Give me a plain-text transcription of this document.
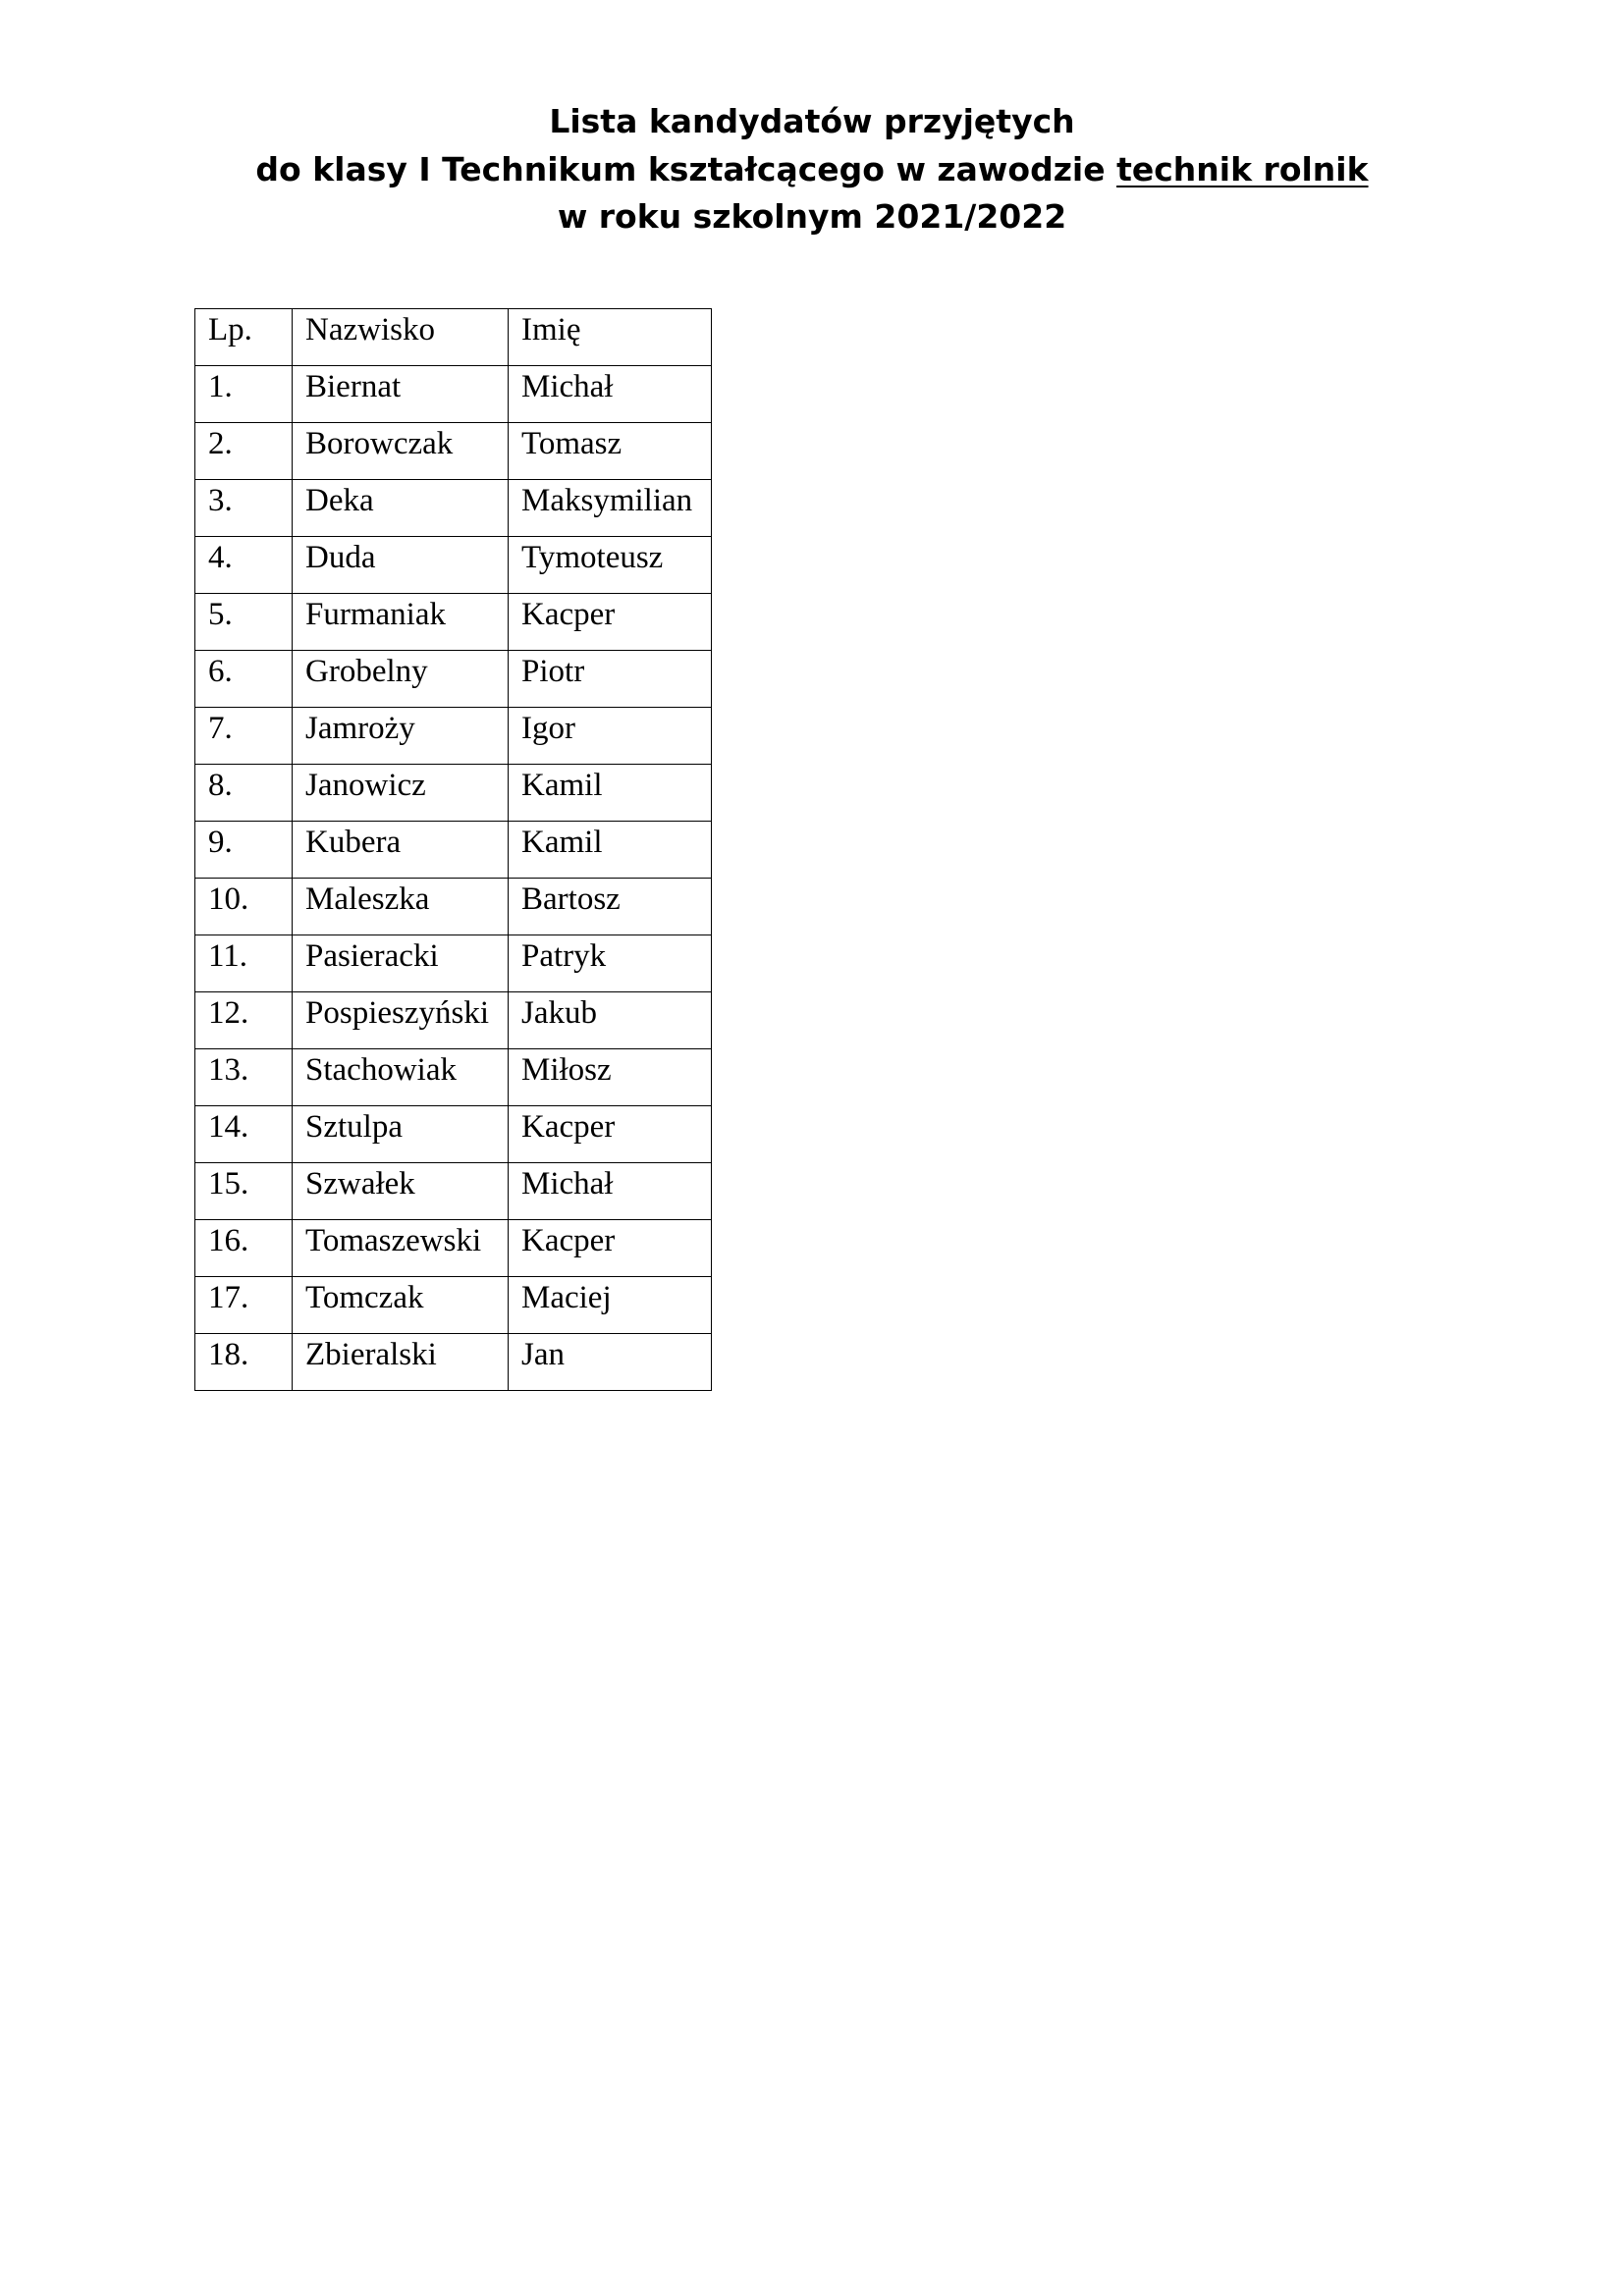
Lista kandydatów przyjętych
do klasy I Technikum kształcącego w zawodzie technik rolnik
w roku szkolnym 2021/2022
Lp.	Nazwisko	Imię
1.	Biernat	Michał
2.	Borowczak	Tomasz
3.	Deka	Maksymilian
4.	Duda	Tymoteusz
5.	Furmaniak	Kacper
6.	Grobelny	Piotr
7.	Jamroży	Igor
8.	Janowicz	Kamil
9.	Kubera	Kamil
10.	Maleszka	Bartosz
11.	Pasieracki	Patryk
12.	Pospieszyński	Jakub
13.	Stachowiak	Miłosz
14.	Sztulpa	Kacper
15.	Szwałek	Michał
16.	Tomaszewski	Kacper
17.	Tomczak	Maciej
18.	Zbieralski	Jan
